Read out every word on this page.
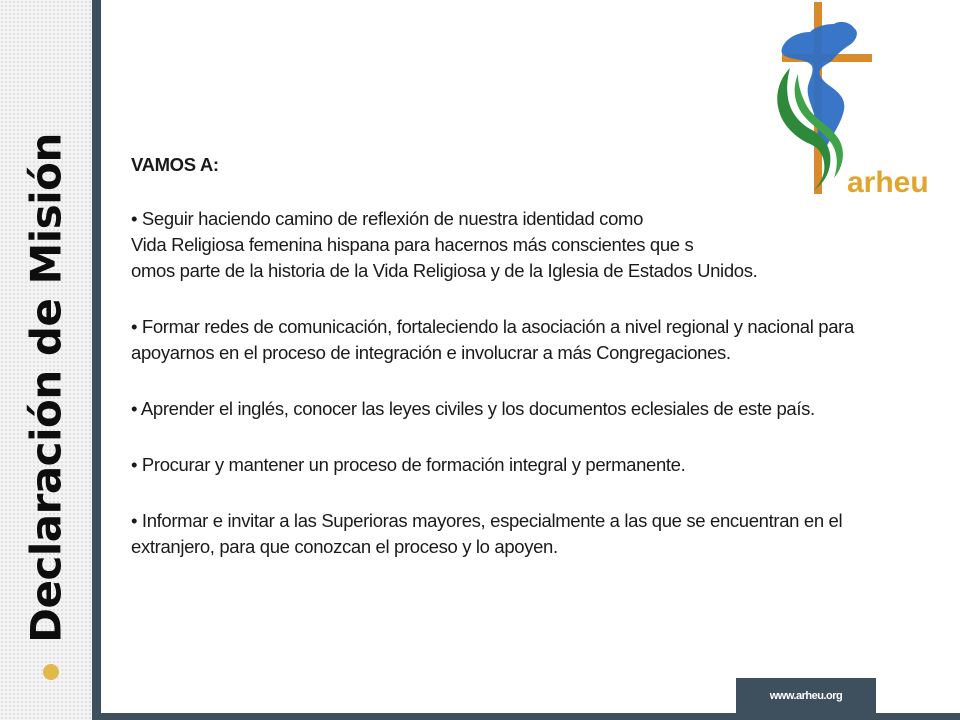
Declaración de Misión	VAMOS A:
• Seguir haciendo camino de reflexión de nuestra identidad como
Vida Religiosa femenina hispana para hacernos más conscientes que s
omos parte de la historia de la Vida Religiosa y de la Iglesia de Estados Unidos.
• Formar redes de comunicación, fortaleciendo la asociación a nivel regional y nacional para
apoyarnos en el proceso de integración e involucrar a más Congregaciones.
• Aprender el inglés, conocer las leyes civiles y los documentos eclesiales de este país.
• Procurar y mantener un proceso de formación integral y permanente.
• Informar e invitar a las Superioras mayores, especialmente a las que se encuentran en el
extranjero, para que conozcan el proceso y lo apoyen.
arheu
www.arheu.org
